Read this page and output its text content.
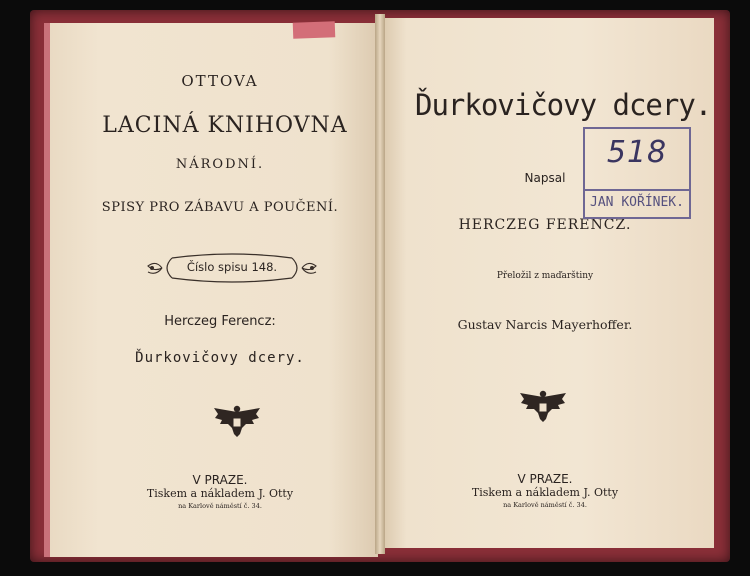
OTTOVA
LACINÁ KNIHOVNA
NÁRODNÍ.
SPISY PRO ZÁBAVU A POUČENÍ.
Číslo spisu 148.
Herczeg Ferencz:
Ďurkovičovy dcery.
V PRAZE.
Tiskem a nákladem J. Otty
na Karlově náměstí č. 34.
Ďurkovičovy dcery.
Napsal
HERCZEG FERENCZ.
Přeložil z maďarštiny
Gustav Narcis Mayerhoffer.
V PRAZE.
Tiskem a nákladem J. Otty
na Karlově náměstí č. 34.
518
JAN KOŘÍNEK.
